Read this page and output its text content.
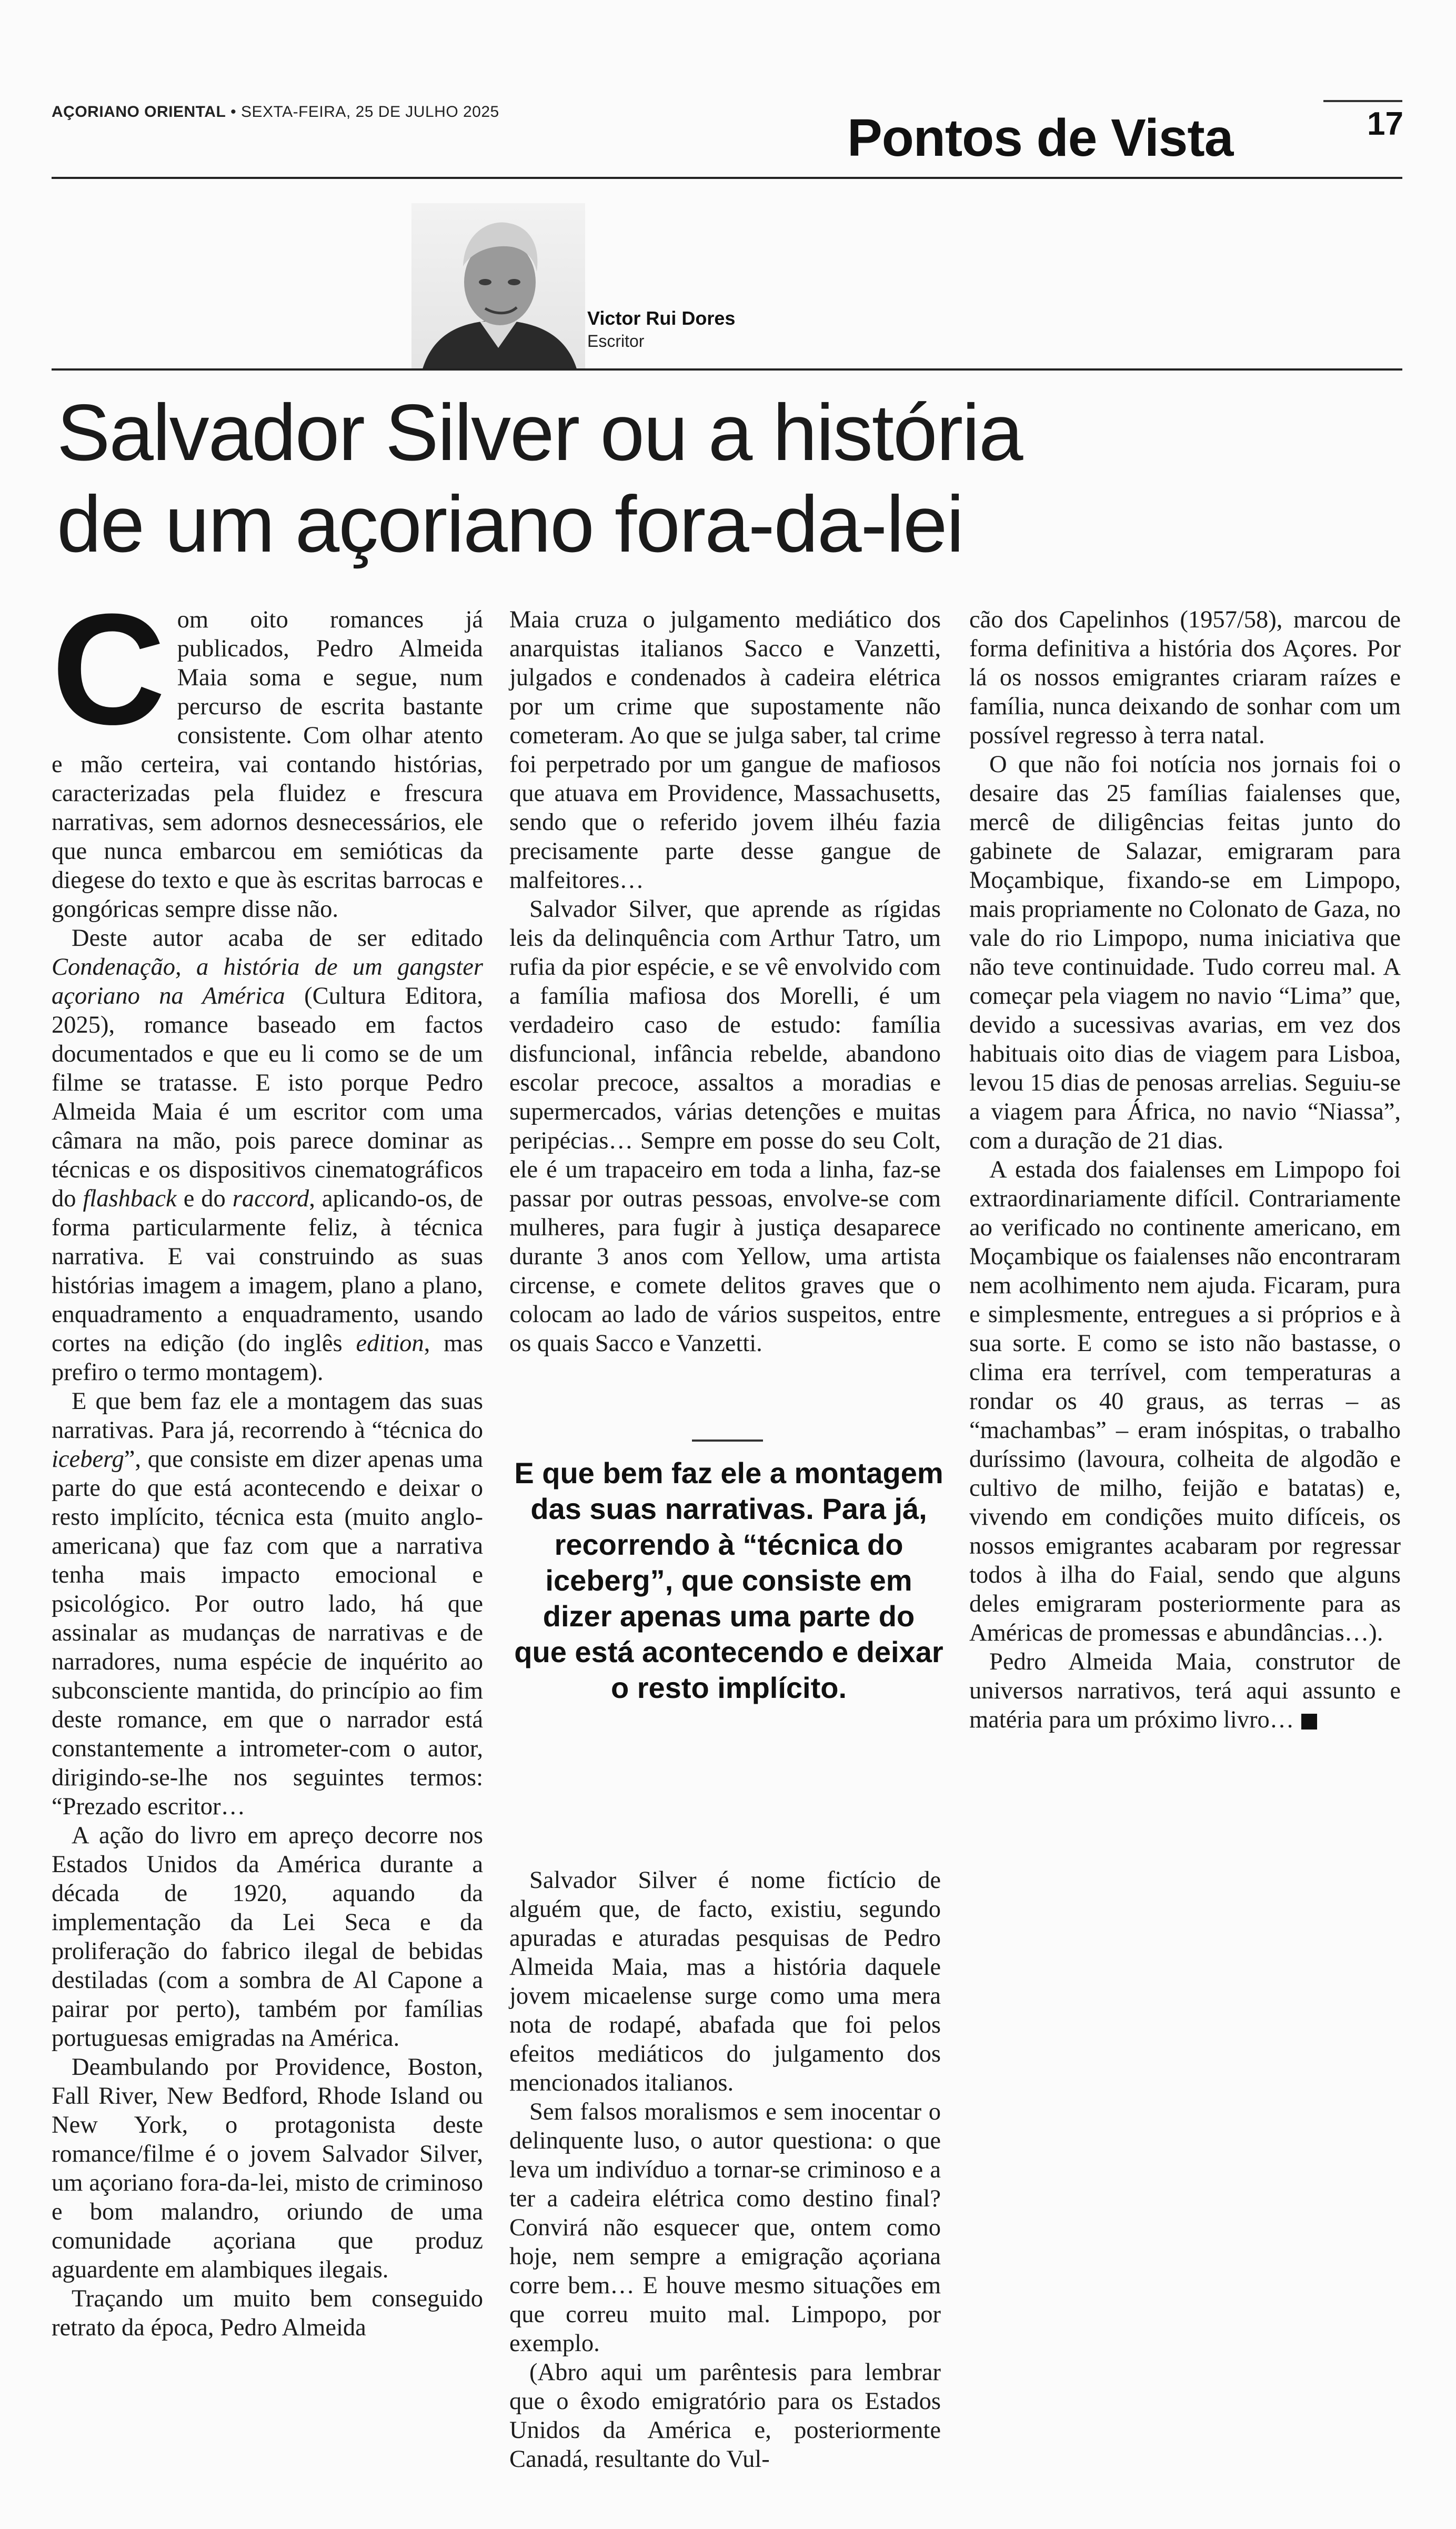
AÇORIANO ORIENTAL • SEXTA-FEIRA, 25 DE JULHO 2025	Pontos de Vista	17
Victor Rui Dores
Escritor
Salvador Silver ou a história
de um açoriano fora-da-lei

Com oito romances já publicados, Pedro Almeida Maia soma e segue, num percurso de escrita bastante consistente. Com olhar atento e mão certeira, vai contando histórias, caracterizadas pela fluidez e frescura narrativas, sem adornos desnecessários, ele que nunca embarcou em semióticas da diegese do texto e que às escritas barrocas e gongóricas sempre disse não.

Deste autor acaba de ser editado Condenação, a história de um gangster açoriano na América (Cultura Editora, 2025), romance baseado em factos documentados e que eu li como se de um filme se tratasse. E isto porque Pedro Almeida Maia é um escritor com uma câmara na mão, pois parece dominar as técnicas e os dispositivos cinematográficos do flashback e do raccord, aplicando-os, de forma particularmente feliz, à técnica narrativa. E vai construindo as suas histórias imagem a imagem, plano a plano, enquadramento a enquadramento, usando cortes na edição (do inglês edition, mas prefiro o termo montagem).

E que bem faz ele a montagem das suas narrativas. Para já, recorrendo à “técnica do iceberg”, que consiste em dizer apenas uma parte do que está acontecendo e deixar o resto implícito, técnica esta (muito anglo-americana) que faz com que a narrativa tenha mais impacto emocional e psicológico. Por outro lado, há que assinalar as mudanças de narrativas e de narradores, numa espécie de inquérito ao subconsciente mantida, do princípio ao fim deste romance, em que o narrador está constantemente a intrometer-com o autor, dirigindo-se-lhe nos seguintes termos: “Prezado escritor…

A ação do livro em apreço decorre nos Estados Unidos da América durante a década de 1920, aquando da implementação da Lei Seca e da proliferação do fabrico ilegal de bebidas destiladas (com a sombra de Al Capone a pairar por perto), também por famílias portuguesas emigradas na América.

Deambulando por Providence, Boston, Fall River, New Bedford, Rhode Island ou New York, o protagonista deste romance/filme é o jovem Salvador Silver, um açoriano fora-da-lei, misto de criminoso e bom malandro, oriundo de uma comunidade açoriana que produz aguardente em alambiques ilegais.

Traçando um muito bem conseguido retrato da época, Pedro Almeida

Maia cruza o julgamento mediático dos anarquistas italianos Sacco e Vanzetti, julgados e condenados à cadeira elétrica por um crime que supostamente não cometeram. Ao que se julga saber, tal crime foi perpetrado por um gangue de mafiosos que atuava em Providence, Massachusetts, sendo que o referido jovem ilhéu fazia precisamente parte desse gangue de malfeitores…

Salvador Silver, que aprende as rígidas leis da delinquência com Arthur Tatro, um rufia da pior espécie, e se vê envolvido com a família mafiosa dos Morelli, é um verdadeiro caso de estudo: família disfuncional, infância rebelde, abandono escolar precoce, assaltos a moradias e supermercados, várias detenções e muitas peripécias… Sempre em posse do seu Colt, ele é um trapaceiro em toda a linha, faz-se passar por outras pessoas, envolve-se com mulheres, para fugir à justiça desaparece durante 3 anos com Yellow, uma artista circense, e comete delitos graves que o colocam ao lado de vários suspeitos, entre os quais Sacco e Vanzetti.

E que bem faz ele a montagem das suas narrativas. Para já, recorrendo à “técnica do iceberg”, que consiste em dizer apenas uma parte do que está acontecendo e deixar o resto implícito.

Salvador Silver é nome fictício de alguém que, de facto, existiu, segundo apuradas e aturadas pesquisas de Pedro Almeida Maia, mas a história daquele jovem micaelense surge como uma mera nota de rodapé, abafada que foi pelos efeitos mediáticos do julgamento dos mencionados italianos.

Sem falsos moralismos e sem inocentar o delinquente luso, o autor questiona: o que leva um indivíduo a tornar-se criminoso e a ter a cadeira elétrica como destino final? Convirá não esquecer que, ontem como hoje, nem sempre a emigração açoriana corre bem… E houve mesmo situações em que correu muito mal. Limpopo, por exemplo.

(Abro aqui um parêntesis para lembrar que o êxodo emigratório para os Estados Unidos da América e, posteriormente Canadá, resultante do Vul-

cão dos Capelinhos (1957/58), marcou de forma definitiva a história dos Açores. Por lá os nossos emigrantes criaram raízes e família, nunca deixando de sonhar com um possível regresso à terra natal.

O que não foi notícia nos jornais foi o desaire das 25 famílias faialenses que, mercê de diligências feitas junto do gabinete de Salazar, emigraram para Moçambique, fixando-se em Limpopo, mais propriamente no Colonato de Gaza, no vale do rio Limpopo, numa iniciativa que não teve continuidade. Tudo correu mal. A começar pela viagem no navio “Lima” que, devido a sucessivas avarias, em vez dos habituais oito dias de viagem para Lisboa, levou 15 dias de penosas arrelias. Seguiu-se a viagem para África, no navio “Niassa”, com a duração de 21 dias.

A estada dos faialenses em Limpopo foi extraordinariamente difícil. Contrariamente ao verificado no continente americano, em Moçambique os faialenses não encontraram nem acolhimento nem ajuda. Ficaram, pura e simplesmente, entregues a si próprios e à sua sorte. E como se isto não bastasse, o clima era terrível, com temperaturas a rondar os 40 graus, as terras – as “machambas” – eram inóspitas, o trabalho duríssimo (lavoura, colheita de algodão e cultivo de milho, feijão e batatas) e, vivendo em condições muito difíceis, os nossos emigrantes acabaram por regressar todos à ilha do Faial, sendo que alguns deles emigraram posteriormente para as Américas de promessas e abundâncias…).

Pedro Almeida Maia, construtor de universos narrativos, terá aqui assunto e matéria para um próximo livro…
